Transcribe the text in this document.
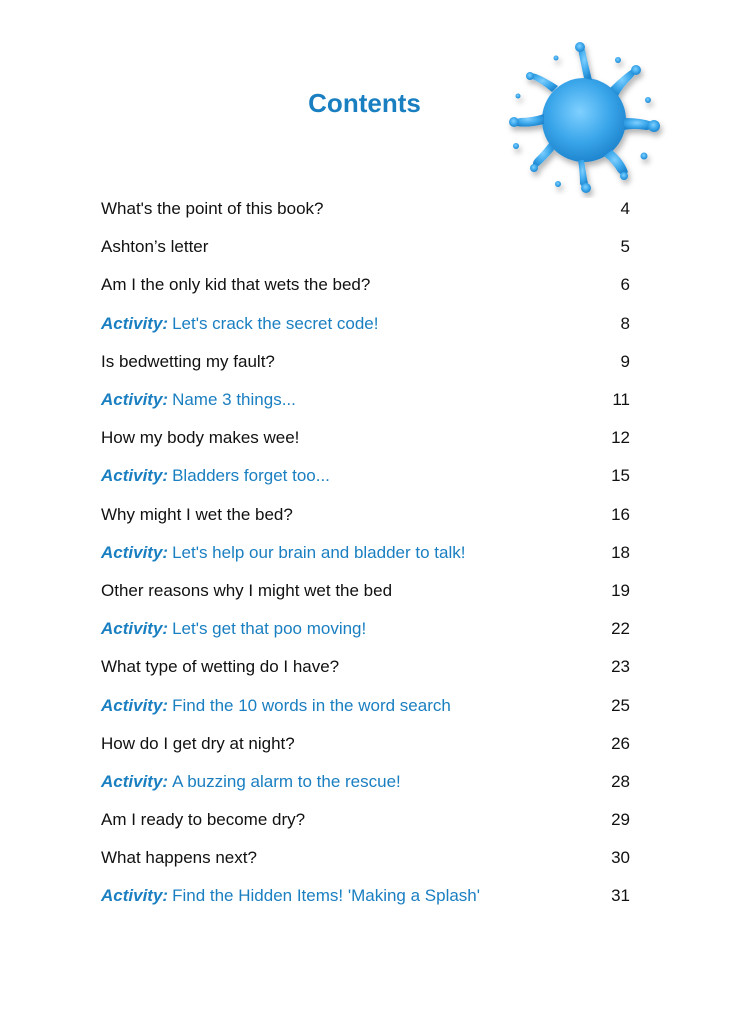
Contents
What's the point of this book?	4
Ashton’s letter	5
Am I the only kid that wets the bed?	6
Activity: Let's crack the secret code!	8
Is bedwetting my fault?	9
Activity: Name 3 things...	11
How my body makes wee!	12
Activity: Bladders forget too...	15
Why might I wet the bed?	16
Activity: Let's help our brain and bladder to talk!	18
Other reasons why I might wet the bed	19
Activity: Let's get that poo moving!	22
What type of wetting do I have?	23
Activity: Find the 10 words in the word search	25
How do I get dry at night?	26
Activity: A buzzing alarm to the rescue!	28
Am I ready to become dry?	29
What happens next?	30
Activity: Find the Hidden Items! 'Making a Splash'	31
